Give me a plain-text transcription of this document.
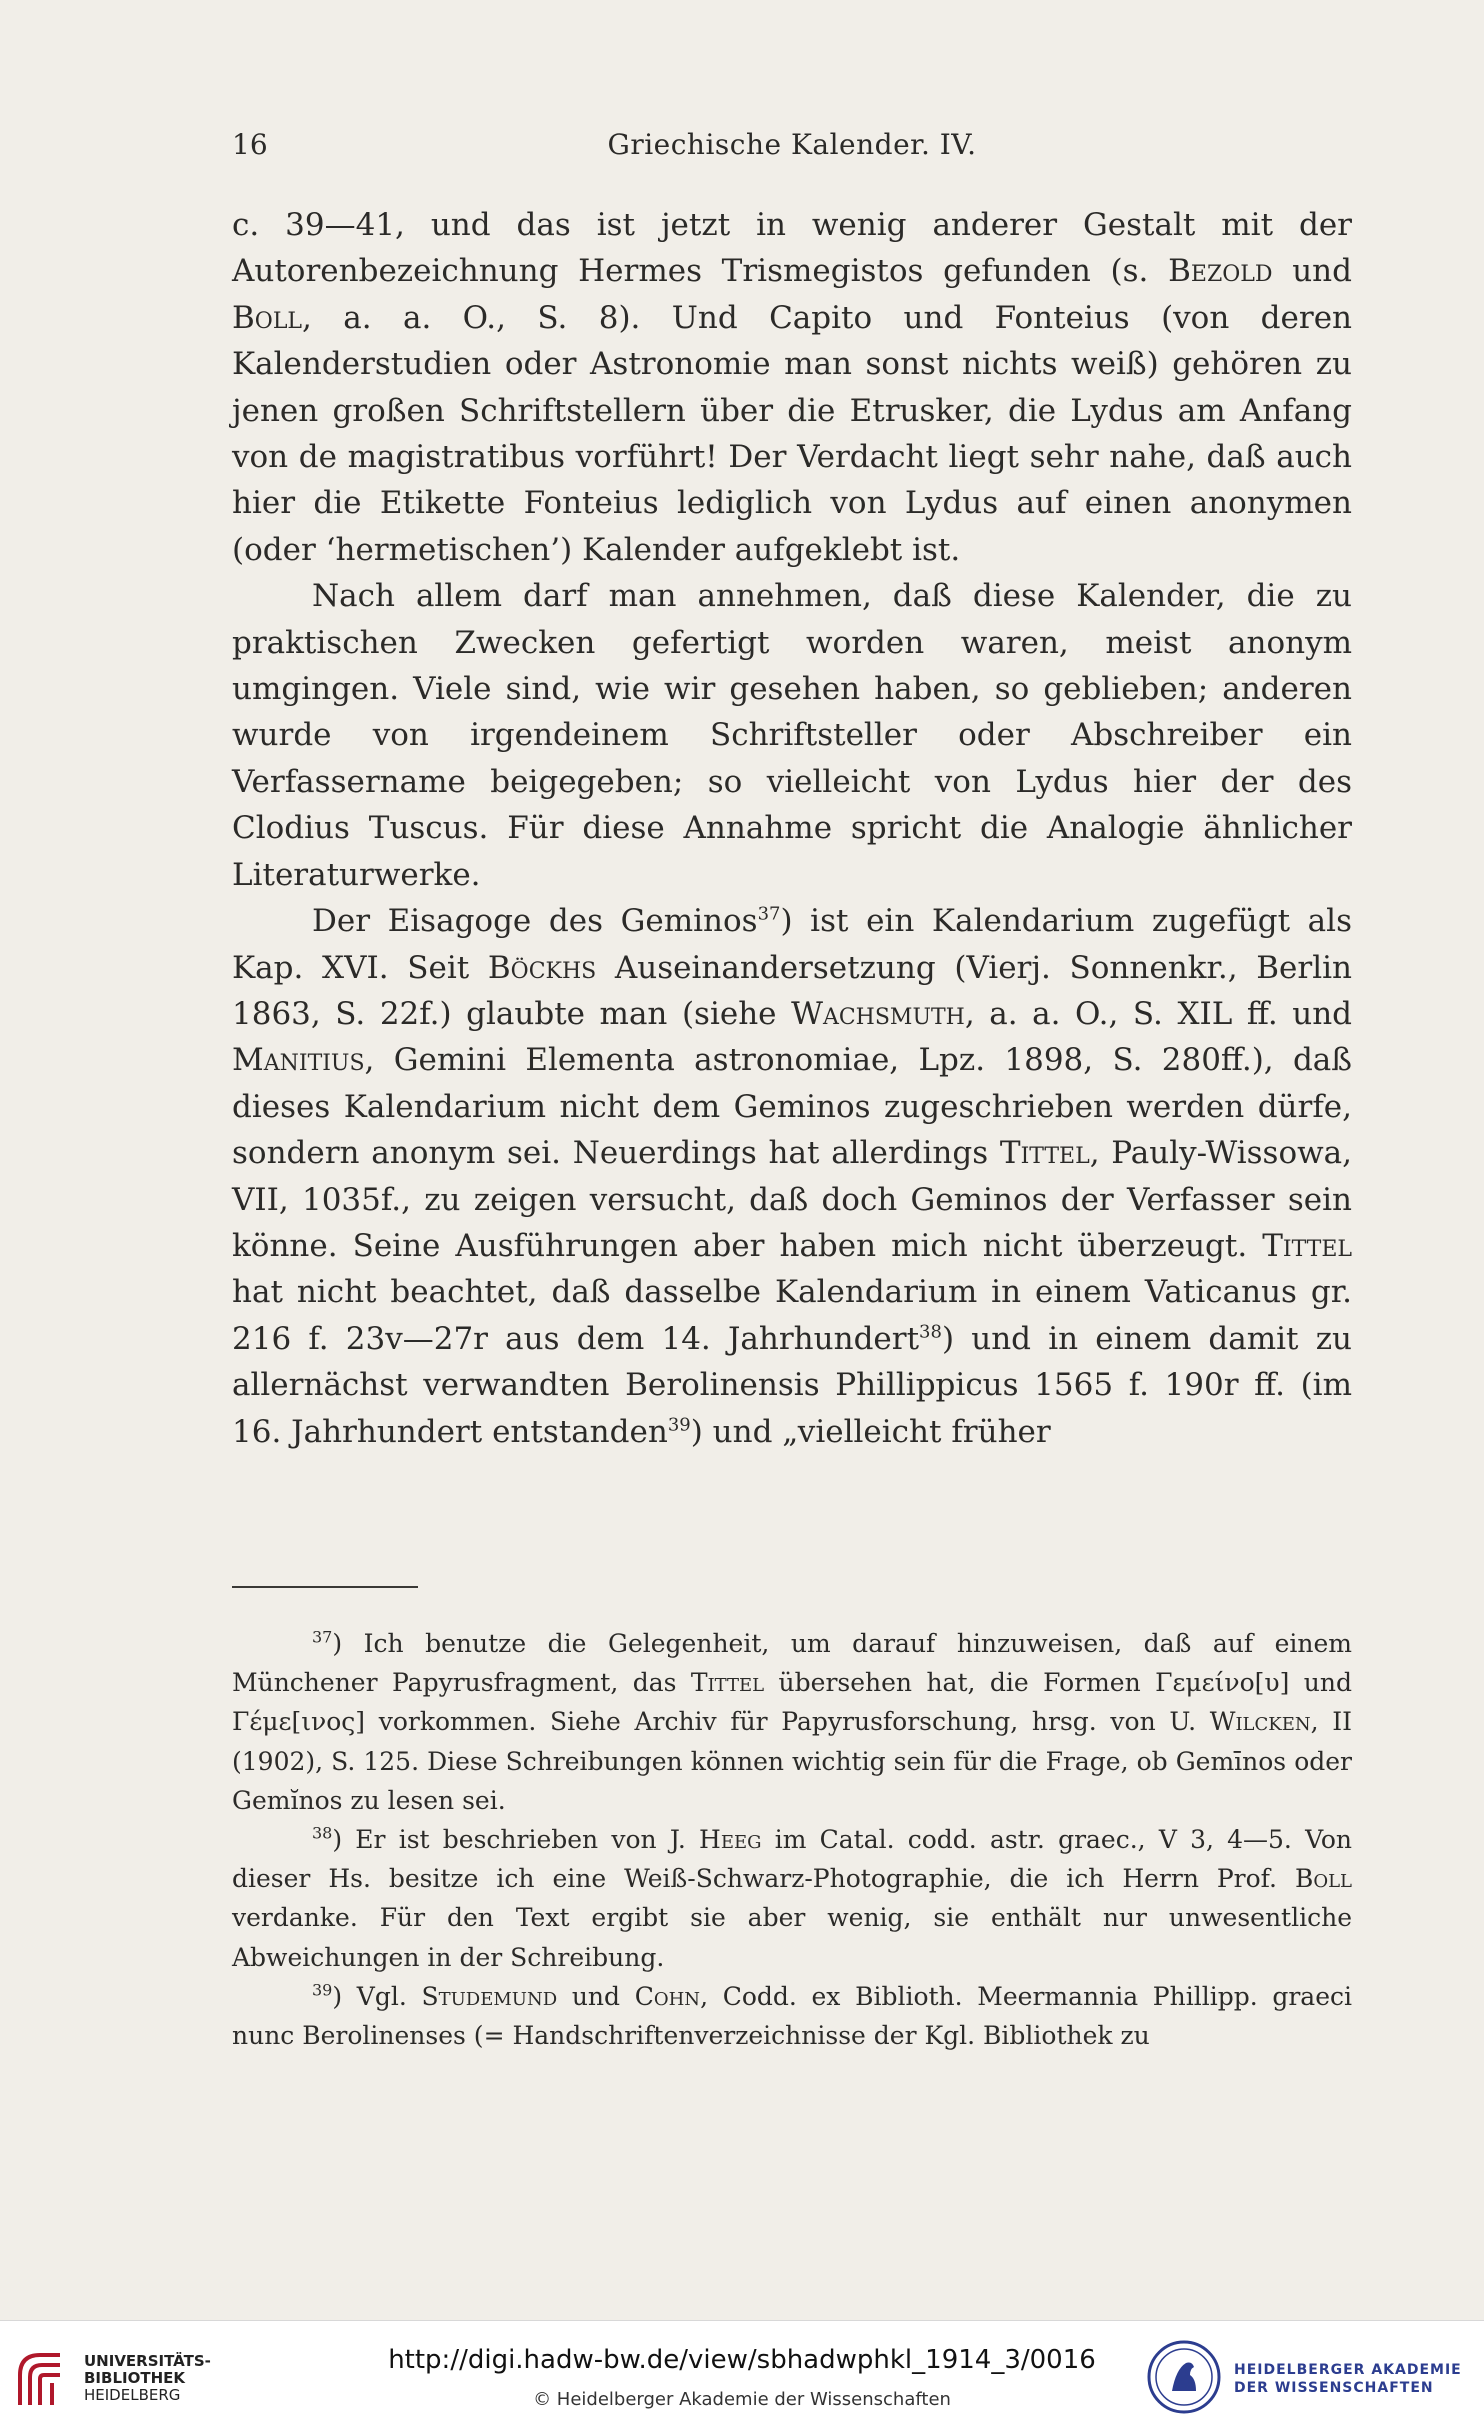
16	Griechische Kalender. IV.

c. 39—41, und das ist jetzt in wenig anderer Gestalt mit der Autorenbezeichnung Hermes Trismegistos gefunden (s. Bezold und Boll, a. a. O., S. 8). Und Capito und Fonteius (von deren Kalenderstudien oder Astronomie man sonst nichts weiß) gehören zu jenen großen Schriftstellern über die Etrusker, die Lydus am Anfang von de magistratibus vorführt! Der Verdacht liegt sehr nahe, daß auch hier die Etikette Fonteius lediglich von Lydus auf einen anonymen (oder ‘hermetischen’) Kalender aufgeklebt ist.

Nach allem darf man annehmen, daß diese Kalender, die zu praktischen Zwecken gefertigt worden waren, meist anonym umgingen. Viele sind, wie wir gesehen haben, so geblieben; anderen wurde von irgendeinem Schriftsteller oder Abschreiber ein Verfassername beigegeben; so vielleicht von Lydus hier der des Clodius Tuscus. Für diese Annahme spricht die Analogie ähnlicher Literaturwerke.

Der Eisagoge des Geminos$^{37}$) ist ein Kalendarium zugefügt als Kap. XVI. Seit Böckhs Auseinandersetzung (Vierj. Sonnenkr., Berlin 1863, S. 22f.) glaubte man (siehe Wachsmuth, a. a. O., S. XIL ff. und Manitius, Gemini Elementa astronomiae, Lpz. 1898, S. 280ff.), daß dieses Kalendarium nicht dem Geminos zugeschrieben werden dürfe, sondern anonym sei. Neuerdings hat allerdings Tittel, Pauly-Wissowa, VII, 1035f., zu zeigen versucht, daß doch Geminos der Verfasser sein könne. Seine Ausführungen aber haben mich nicht überzeugt. Tittel hat nicht beachtet, daß dasselbe Kalendarium in einem Vaticanus gr. 216 f. 23v—27r aus dem 14. Jahrhundert$^{38}$) und in einem damit zu allernächst verwandten Berolinensis Phillippicus 1565 f. 190r ff. (im 16. Jahrhundert entstanden$^{39}$) und „vielleicht früher

$^{37}$) Ich benutze die Gelegenheit, um darauf hinzuweisen, daß auf einem Münchener Papyrusfragment, das Tittel übersehen hat, die Formen Γεμείνο[υ] und Γέμε[ινος] vorkommen. Siehe Archiv für Papyrusforschung, hrsg. von U. Wilcken, II (1902), S. 125. Diese Schreibungen können wichtig sein für die Frage, ob Gemīnos oder Gemĭnos zu lesen sei.

$^{38}$) Er ist beschrieben von J. Heeg im Catal. codd. astr. graec., V 3, 4—5. Von dieser Hs. besitze ich eine Weiß-Schwarz-Photographie, die ich Herrn Prof. Boll verdanke. Für den Text ergibt sie aber wenig, sie enthält nur unwesentliche Abweichungen in der Schreibung.

$^{39}$) Vgl. Studemund und Cohn, Codd. ex Biblioth. Meermannia Phillipp. graeci nunc Berolinenses (= Handschriftenverzeichnisse der Kgl. Bibliothek zu

UNIVERSITÄTS-
BIBLIOTHEK
HEIDELBERG
http://digi.hadw-bw.de/view/sbhadwphkl_1914_3/0016
© Heidelberger Akademie der Wissenschaften
HEIDELBERGER AKADEMIE
DER WISSENSCHAFTEN
